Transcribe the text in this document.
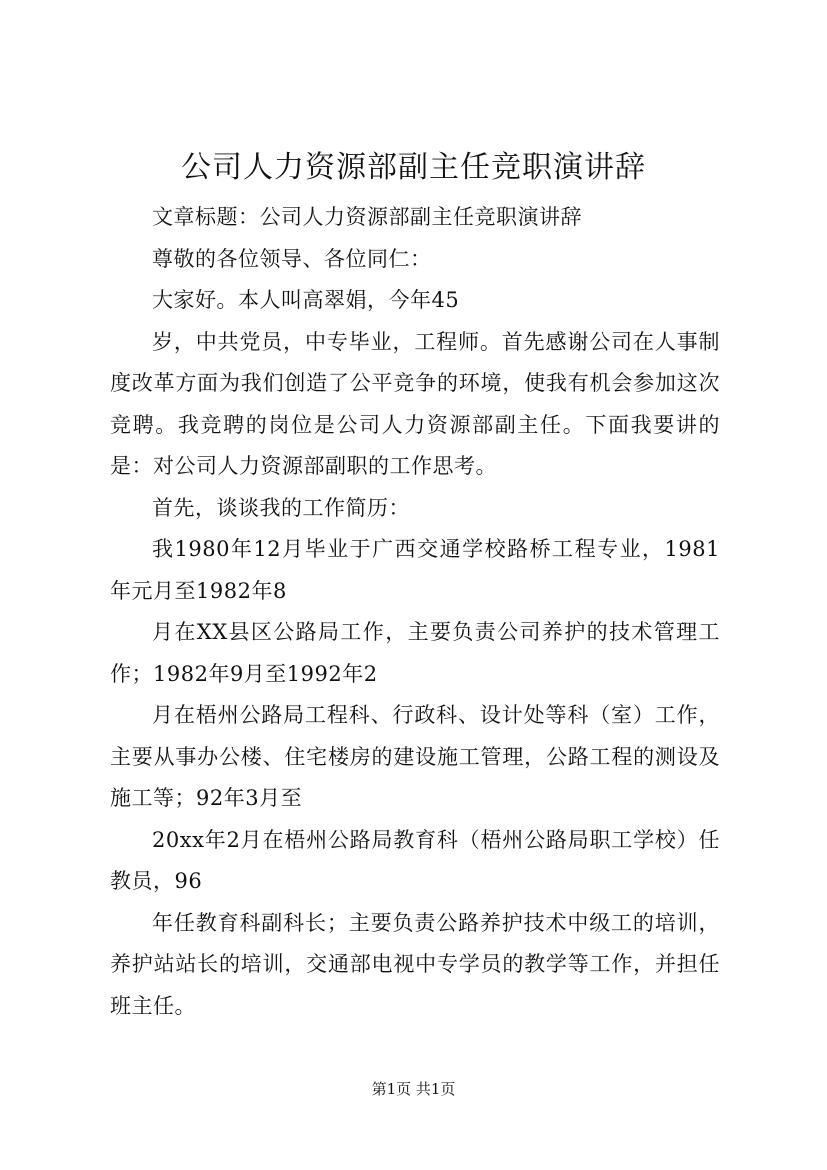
公司人力资源部副主任竞职演讲辞

文章标题：公司人力资源部副主任竞职演讲辞

尊敬的各位领导、各位同仁：

大家好。本人叫高翠娟，今年45

岁，中共党员，中专毕业，工程师。首先感谢公司在人事制度改革方面为我们创造了公平竞争的环境，使我有机会参加这次竞聘。我竞聘的岗位是公司人力资源部副主任。下面我要讲的是：对公司人力资源部副职的工作思考。

首先，谈谈我的工作简历：

我1980年12月毕业于广西交通学校路桥工程专业，1981年元月至1982年8

月在XX县区公路局工作，主要负责公司养护的技术管理工作；1982年9月至1992年2

月在梧州公路局工程科、行政科、设计处等科（室）工作，主要从事办公楼、住宅楼房的建设施工管理，公路工程的测设及施工等；92年3月至

20xx年2月在梧州公路局教育科（梧州公路局职工学校）任教员，96

年任教育科副科长；主要负责公路养护技术中级工的培训，养护站站长的培训，交通部电视中专学员的教学等工作，并担任班主任。

第1页 共1页
